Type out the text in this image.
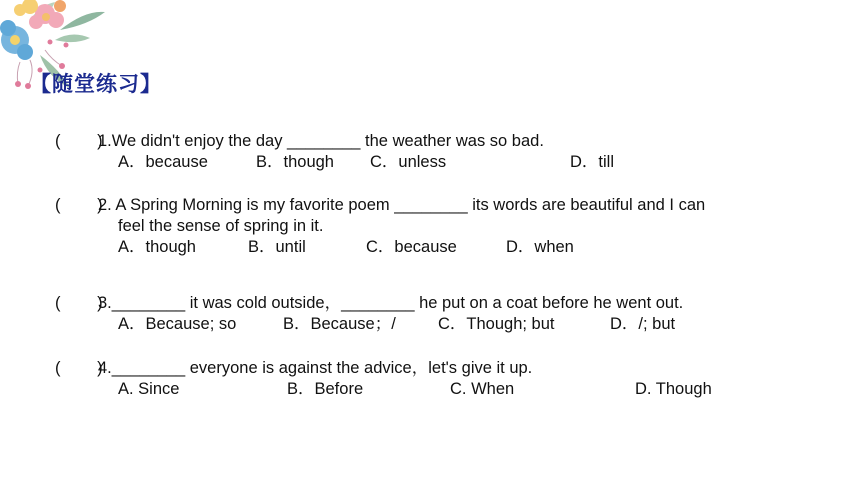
【随堂练习】
(        )
1.We didn't enjoy the day ________ the weather was so bad.
A．because	B．though C．unless	D．till
(        )
2. A Spring Morning is my favorite poem ________ its words are beautiful and I can
feel the sense of spring in it.
A．though	B．until	C．because	D．when
(        )
3.________ it was cold outside，________ he put on a coat before he went out.
A．Because; so	B．Because；/	C．Though; but	D．/; but
(        )
4.________ everyone is against the advice，let's give it up.
A. Since	B．Before	C. When	D. Though
